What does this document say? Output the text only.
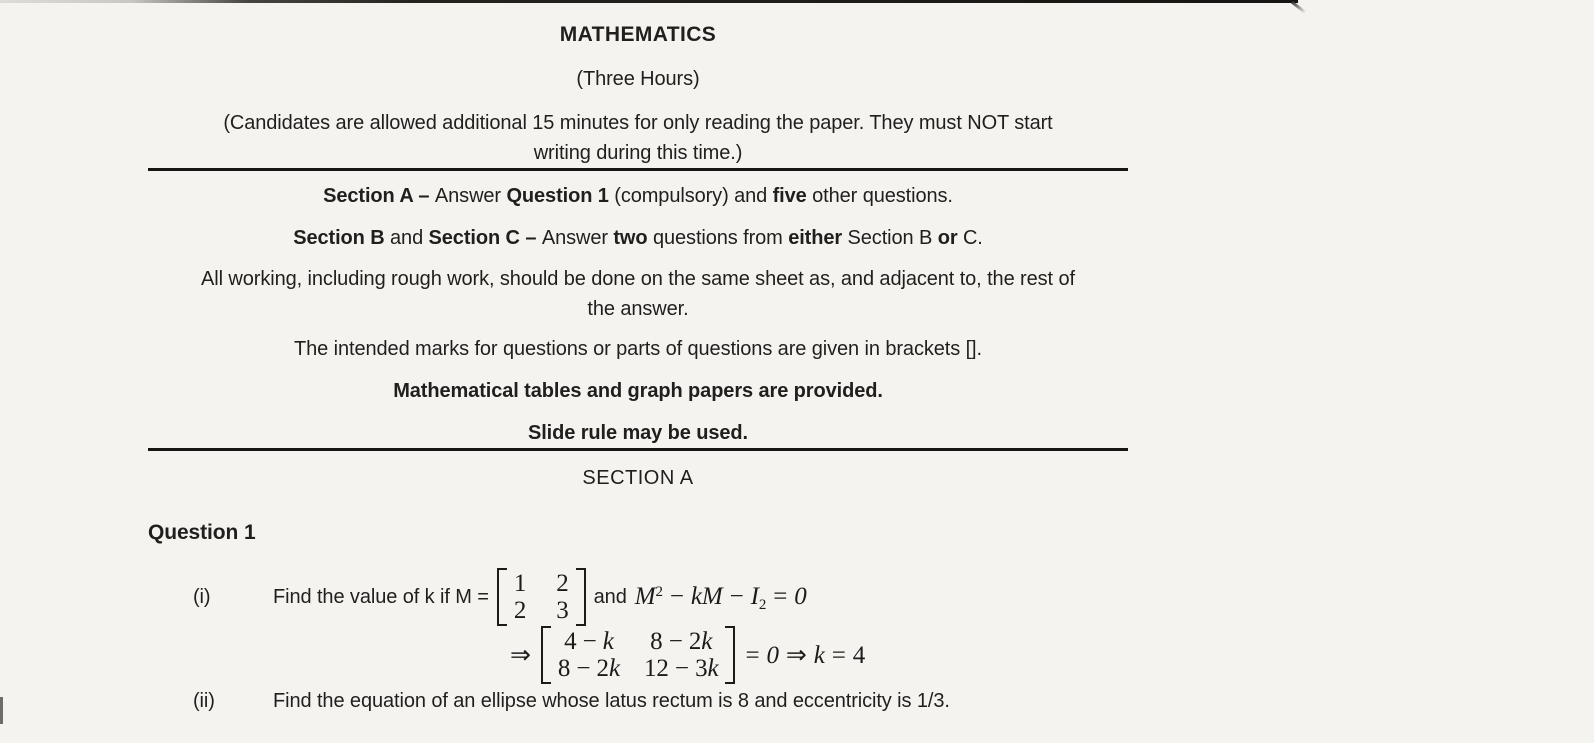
MATHEMATICS
(Three Hours)
(Candidates are allowed additional 15 minutes for only reading the paper. They must NOT start
writing during this time.)
Section A – Answer Question 1 (compulsory) and five other questions.
Section B and Section C – Answer two questions from either Section B or C.
All working, including rough work, should be done on the same sheet as, and adjacent to, the rest of
the answer.
The intended marks for questions or parts of questions are given in brackets [].
Mathematical tables and graph papers are provided.
Slide rule may be used.
SECTION A
Question 1
(i)	Find the value of k if M = 1 2
2 3
and $M^2$ − kM − $I_2 = 0$
⇒
4 − k 8 − 2k
8 − 2k 12 − 3k = 0 ⇒ k = 4
(ii)	Find the equation of an ellipse whose latus rectum is 8 and eccentricity is 1/3.
